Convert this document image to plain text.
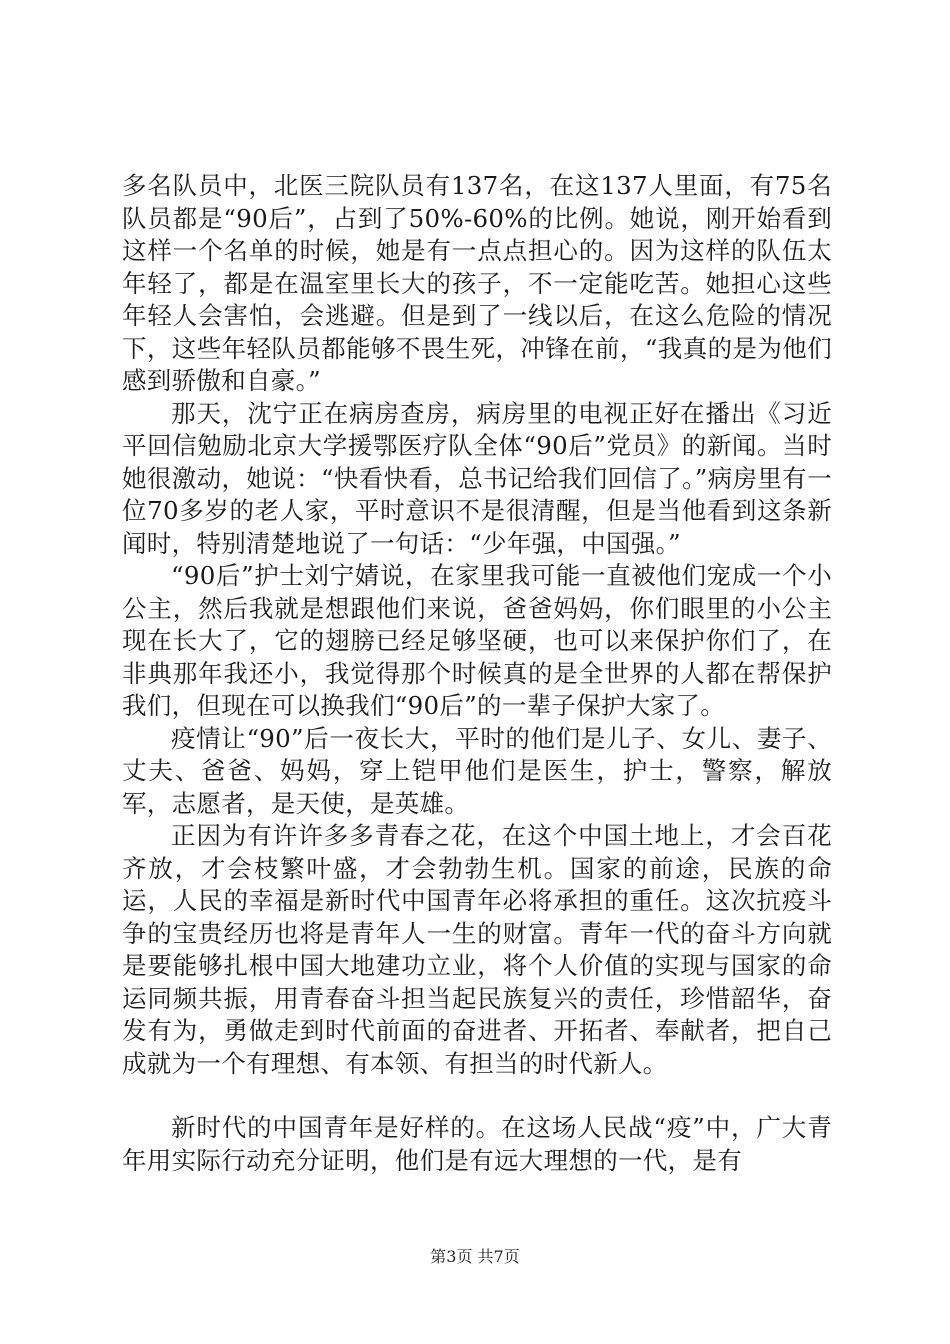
多名队员中，北医三院队员有137名，在这137人里面，有75名队员都是“90后”，占到了50%-60%的比例。她说，刚开始看到这样一个名单的时候，她是有一点点担心的。因为这样的队伍太年轻了，都是在温室里长大的孩子，不一定能吃苦。她担心这些年轻人会害怕，会逃避。但是到了一线以后，在这么危险的情况下，这些年轻队员都能够不畏生死，冲锋在前，“我真的是为他们感到骄傲和自豪。”

那天，沈宁正在病房查房，病房里的电视正好在播出《习近平回信勉励北京大学援鄂医疗队全体“90后”党员》的新闻。当时她很激动，她说：“快看快看，总书记给我们回信了。”病房里有一位70多岁的老人家，平时意识不是很清醒，但是当他看到这条新闻时，特别清楚地说了一句话：“少年强，中国强。”

“90后”护士刘宁婧说，在家里我可能一直被他们宠成一个小公主，然后我就是想跟他们来说，爸爸妈妈，你们眼里的小公主现在长大了，它的翅膀已经足够坚硬，也可以来保护你们了，在非典那年我还小，我觉得那个时候真的是全世界的人都在帮保护我们，但现在可以换我们“90后”的一辈子保护大家了。

疫情让“90”后一夜长大，平时的他们是儿子、女儿、妻子、丈夫、爸爸、妈妈，穿上铠甲他们是医生，护士，警察，解放军，志愿者，是天使，是英雄。

正因为有许许多多青春之花，在这个中国土地上，才会百花齐放，才会枝繁叶盛，才会勃勃生机。国家的前途，民族的命运，人民的幸福是新时代中国青年必将承担的重任。这次抗疫斗争的宝贵经历也将是青年人一生的财富。青年一代的奋斗方向就是要能够扎根中国大地建功立业，将个人价值的实现与国家的命运同频共振，用青春奋斗担当起民族复兴的责任，珍惜韶华，奋发有为，勇做走到时代前面的奋进者、开拓者、奉献者，把自己成就为一个有理想、有本领、有担当的时代新人。

新时代的中国青年是好样的。在这场人民战“疫”中，广大青年用实际行动充分证明，他们是有远大理想的一代，是有

第3页 共7页
